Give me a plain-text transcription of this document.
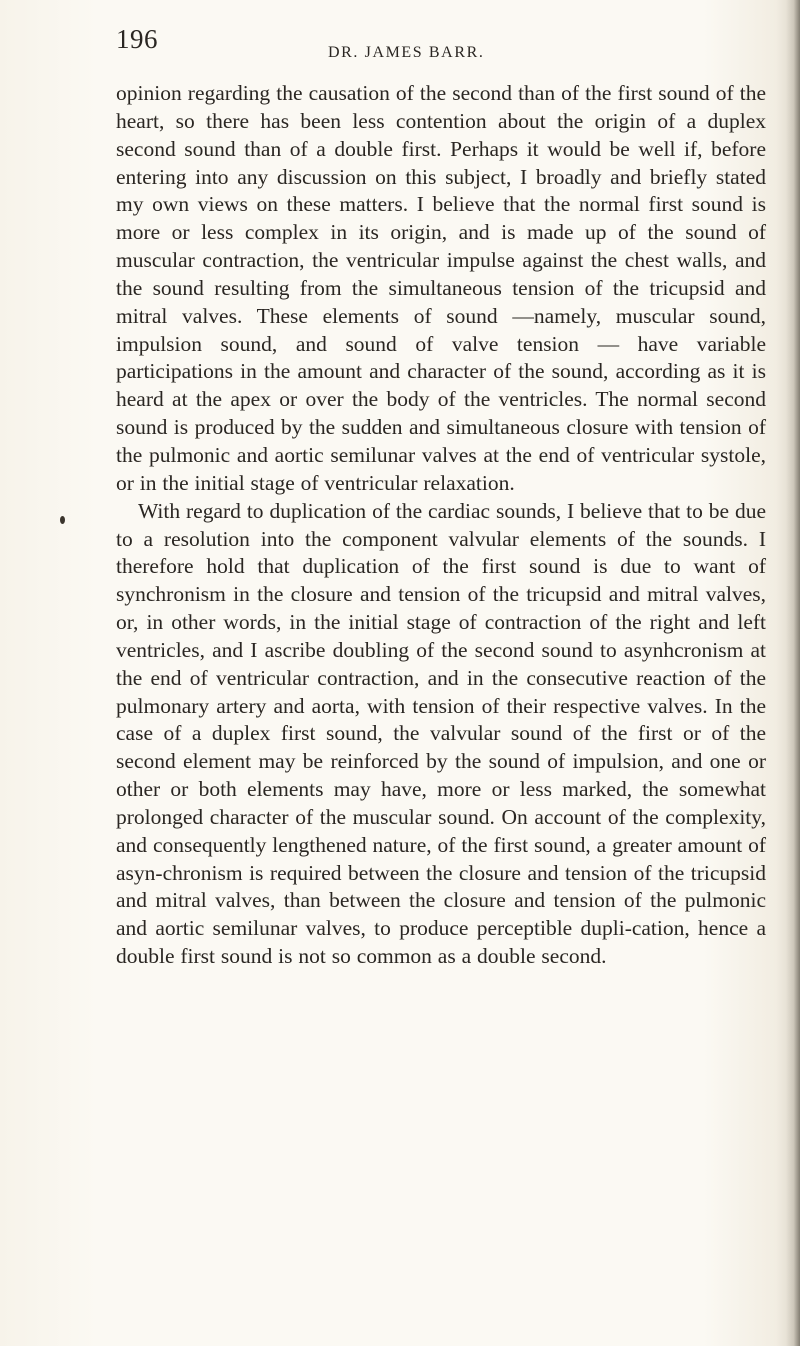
196	DR. JAMES BARR.

opinion regarding the causation of the second than of the first sound of the heart, so there has been less contention about the origin of a duplex second sound than of a double first. Perhaps it would be well if, before entering into any discussion on this subject, I broadly and briefly stated my own views on these matters. I believe that the normal first sound is more or less complex in its origin, and is made up of the sound of muscular contraction, the ventricular impulse against the chest walls, and the sound resulting from the simultaneous tension of the tricupsid and mitral valves. These elements of sound —namely, muscular sound, impulsion sound, and sound of valve tension — have variable participations in the amount and character of the sound, according as it is heard at the apex or over the body of the ventricles. The normal second sound is produced by the sudden and simultaneous closure with tension of the pulmonic and aortic semilunar valves at the end of ventricular systole, or in the initial stage of ventricular relaxation.

With regard to duplication of the cardiac sounds, I believe that to be due to a resolution into the component valvular elements of the sounds. I therefore hold that duplication of the first sound is due to want of synchronism in the closure and tension of the tricupsid and mitral valves, or, in other words, in the initial stage of contraction of the right and left ventricles, and I ascribe doubling of the second sound to asynhcronism at the end of ventricular contraction, and in the consecutive reaction of the pulmonary artery and aorta, with tension of their respective valves. In the case of a duplex first sound, the valvular sound of the first or of the second element may be reinforced by the sound of impulsion, and one or other or both elements may have, more or less marked, the somewhat prolonged character of the muscular sound. On account of the complexity, and consequently lengthened nature, of the first sound, a greater amount of asyn-chronism is required between the closure and tension of the tricupsid and mitral valves, than between the closure and tension of the pulmonic and aortic semilunar valves, to produce perceptible dupli-cation, hence a double first sound is not so common as a double second.
